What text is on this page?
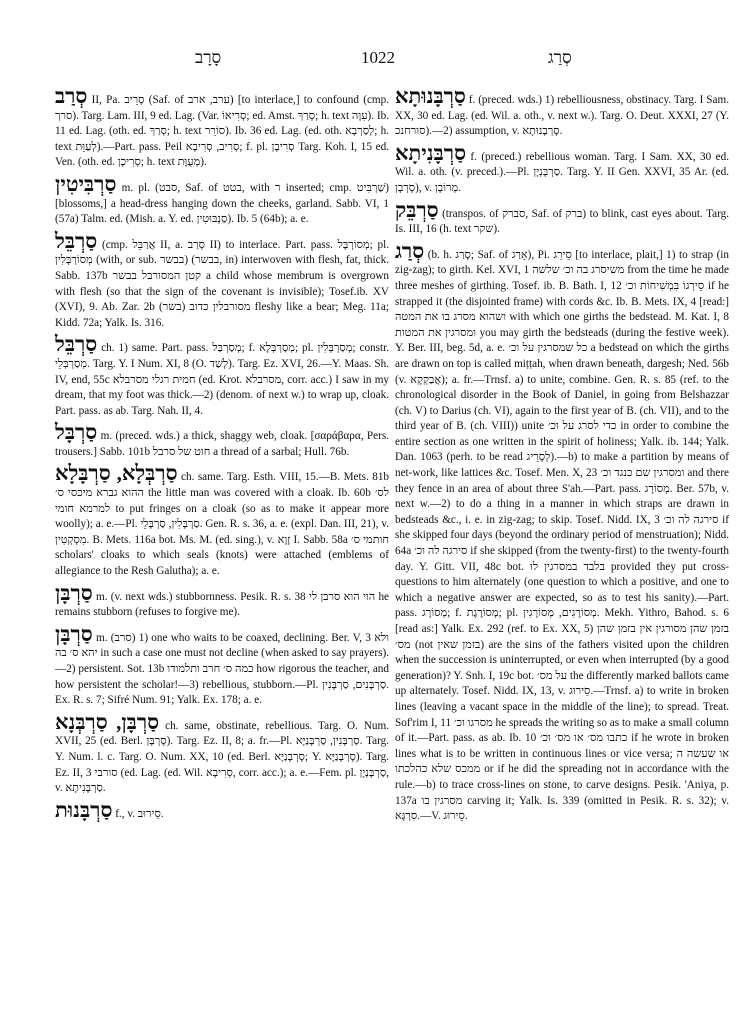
סָרָב	1022	סְרַג
סְרַב II, Pa. סָרֵיב (Saf. of ערב, ארב) [to interlace,] to confound (cmp. סרך). Targ. Lam. III, 9 ed. Lag. (Var. סְרִיאוֹ; ed. Amst. סְרַךְ; h. text עִוָּה). Ib. 11 ed. Lag. (oth. ed. סְרַךְ; h. text סוֹרֵר). Ib. 36 ed. Lag. (ed. oth. לְסַרְבָא; h. text לְעַוֵּת).—Part. pass. Peil סְרִיב, סְרִיבָא; f. pl. סְרִיבָן Targ. Koh. I, 15 ed. Ven. (oth. ed. סְרִיכָן; h. text מְעֻוָּת).
סַרְבִּיטִין m. pl. (סבט, Saf. of בטט, with ר inserted; cmp. שַׁרְבִּיט) [blossoms,] a head-dress hanging down the cheeks, garland. Sabb. VI, 1 (57a) Talm. ed. (Mish. a. Y. ed. סַנְבּוּטִין). Ib. 5 (64b); a. e.
סַרְבֵּל (cmp. אֲרַבֵּל II, a. סְרַב II) to interlace. Part. pass. מְסוֹרְבָּל; pl. מְסוֹרְבָּלִין (with, or sub. בבשר) (בבשר, in) interwoven with flesh, fat, thick. Sabb. 137b קטן המסורבל בבשר a child whose membrum is overgrown with flesh (so that the sign of the covenant is invisible); Tosef.ib. XV (XVI), 9. Ab. Zar. 2b מסורבלין כדוב (בשר) fleshy like a bear; Meg. 11a; Kidd. 72a; Yalk. Is. 316.
סַרְבֵּל ch. 1) same. Part. pass. מְסַרְבַּל; f. מְסַרְבְּלָא; pl. מְסַרְבְּלִין; constr. מְסַרְבְּלֵי. Targ. Y. I Num. XI, 8 (O. לְשַׁד). Targ. Ez. XVI, 26.—Y. Maas. Sh. IV, end, 55c חמית רגלי מסרבלא (ed. Krot. מסרבלא, corr. acc.) I saw in my dream, that my foot was thick.—2) (denom. of next w.) to wrap up, cloak. Part. pass. as ab. Targ. Nah. II, 4.
סַרְבָּל m. (preced. wds.) a thick, shaggy web, cloak. [σαράβαρα, Pers. trousers.] Sabb. 101b חוט של סרבל a thread of a sarbal; Hull. 76b.
סַרְבְּלָא, סַרְבָּלָא ch. same. Targ. Esth. VIII, 15.—B. Mets. 81b ההוא גברא מיכסי ס׳ the little man was covered with a cloak. Ib. 60b לס׳ למרמא חומי to put fringes on a cloak (so as to make it appear more woolly); a. e.—Pl. סַרְבָּלִין, סַרְבָּלֵי. Gen. R. s. 36, a. e. (expl. Dan. III, 21), v. מִסְקְטִין. B. Mets. 116a bot. Ms. M. (ed. sing.), v. זָוָא I. Sabb. 58a חותמי ס׳ scholars' cloaks to which seals (knots) were attached (emblems of allegiance to the Resh Galutha); a. e.
סַרְבָּן m. (v. next wds.) stubbornness. Pesik. R. s. 38 הוי הוא סרבן לי he remains stubborn (refuses to forgive me).
סַרְבָּן m. (סרב) 1) one who waits to be coaxed, declining. Ber. V, 3 ולא יהא ס׳ בה in such a case one must not decline (when asked to say prayers).—2) persistent. Sot. 13b כמה ס׳ חרב ותלמודו how rigorous the teacher, and how persistent the scholar!—3) rebellious, stubborn.—Pl. סַרְבָּנִים, סַרְבָּנִין. Ex. R. s. 7; Sifré Num. 91; Yalk. Ex. 178; a. e.
סַרְבָּן, סַרְבְּנָא ch. same, obstinate, rebellious. Targ. O. Num. XVII, 25 (ed. Berl. סָרְבָּן). Targ. Ez. II, 8; a. fr.—Pl. סַרְבָּנִין, סַרְבָּנַיָּא. Targ. Y. Num. l. c. Targ. O. Num. XX, 10 (ed. Berl. סָרְבָנַיָּא; Y. סָרְבָנַיָּא). Targ. Ez. II, 3 סורבי (ed. Lag. (ed. Wil. סְרִיבָא, corr. acc.); a. e.—Fem. pl. סַרְבָּנְיָן, v. סַרְבָּנִיתָא.
סַרְבָּנוּת f., v. סֵירוּב.
סַרְבָּנוּתָא f. (preced. wds.) 1) rebelliousness, obstinacy. Targ. I Sam. XX, 30 ed. Lag. (ed. Wil. a. oth., v. next w.). Targ. O. Deut. XXXI, 27 (Y. סורחנכ).—2) assumption, v. סָרְבָנוּתָא.
סַרְבָּנִיתָא f. (preced.) rebellious woman. Targ. I Sam. XX, 30 ed. Wil. a. oth. (v. preced.).—Pl. סַרְבָּנְיָן. Targ. Y. II Gen. XXVI, 35 Ar. (ed. סָרְבָן), v. מְרוֹבָן.
סַרְבֵּק (transpos. of סברק, Saf. of ברק) to blink, cast eyes about. Targ. Is. III, 16 (h. text שקר).
סְרַג (b. h. סָרַג; Saf. of אָרַג), Pi. סֵירֵג [to interlace, plait,] 1) to strap (in zig-zag); to girth. Kel. XVI, 1 משיסרג בה וכ׳ שלשה from the time he made three meshes of girthing. Tosef. ib. B. Bath. I, 12 סֵירְגוֹ בִּמְשִׁיחוֹת וכ׳ if he strapped it (the disjointed frame) with cords &c. Ib. B. Mets. IX, 4 [read:] ושהוא מסרג בו את המטה with which one girths the bedstead. M. Kat. I, 8 ומסרגין את המטות you may girth the bedsteads (during the festive week). Y. Ber. III, beg. 5d, a. e. כל שמסרגין על וכ׳ a bedstead on which the girths are drawn on top is called miṭṭah, when drawn beneath, dargesh; Ned. 56b (v. אֲבַקְקָא); a. fr.—Trnsf. a) to unite, combine. Gen. R. s. 85 (ref. to the chronological disorder in the Book of Daniel, in going from Belshazzar (ch. V) to Darius (ch. VI), again to the first year of B. (ch. VII), and to the third year of B. (ch. VIII)) unite כדי לסרג על וכ׳ in order to combine the entire section as one written in the spirit of holiness; Yalk. ib. 144; Yalk. Dan. 1063 (perh. to be read לְסָרֵיג).—b) to make a partition by means of net-work, like lattices &c. Tosef. Men. X, 23 ומסרגין שם כנגד וכ׳ and there they fence in an area of about three S'ah.—Part. pass. מְסוֹרָג. Ber. 57b, v. next w.—2) to do a thing in a manner in which straps are drawn in bedsteads &c., i. e. in zig-zag; to skip. Tosef. Nidd. IX, 3 סירגה לה וכ׳ if she skipped four days (beyond the ordinary period of menstruation); Nidd. 64a סירגה לה וכ׳ if she skipped (from the twenty-first) to the twenty-fourth day. Y. Gitt. VII, 48c bot. בלבד במסרגין לו provided they put cross-questions to him alternately (one question to which a positive, and one to which a negative answer are expected, so as to test his sanity).—Part. pass. מְסוֹרָג; f. מְסוֹרֶגֶת; pl. מְסוֹרָגִים, מְסוֹרָגִין. Mekh. Yithro, Bahod. s. 6 [read as:] Yalk. Ex. 292 (ref. to Ex. XX, 5) בזמן שהן מסורגין אין בזמן שהן מס׳ (not בזמן שאין) are the sins of the fathers visited upon the children when the succession is uninterrupted, or even when interrupted (by a good generation)? Y. Snh. I, 19c bot. על מס׳ the differently marked ballots came up alternately. Tosef. Nidd. IX, 13, v. סֵירוּג.—Trnsf. a) to write in broken lines (leaving a vacant space in the middle of the line); to spread. Treat. Sof'rim I, 11 מסרגו וכ׳ he spreads the writing so as to make a small column of it.—Part. pass. as ab. Ib. 10 כתבו מס׳ או מס׳ וכ׳ if he wrote in broken lines what is to be written in continuous lines or vice versa; או שעשה ה ממכס שלא כהלכתו or if he did the spreading not in accordance with the rule.—b) to trace cross-lines on stone, to carve designs. Pesik. 'Aniya, p. 137a מסרגין בו carving it; Yalk. Is. 339 (omitted in Pesik. R. s. 32); v. סִרְגָּא.—V. סֵירוּג.
